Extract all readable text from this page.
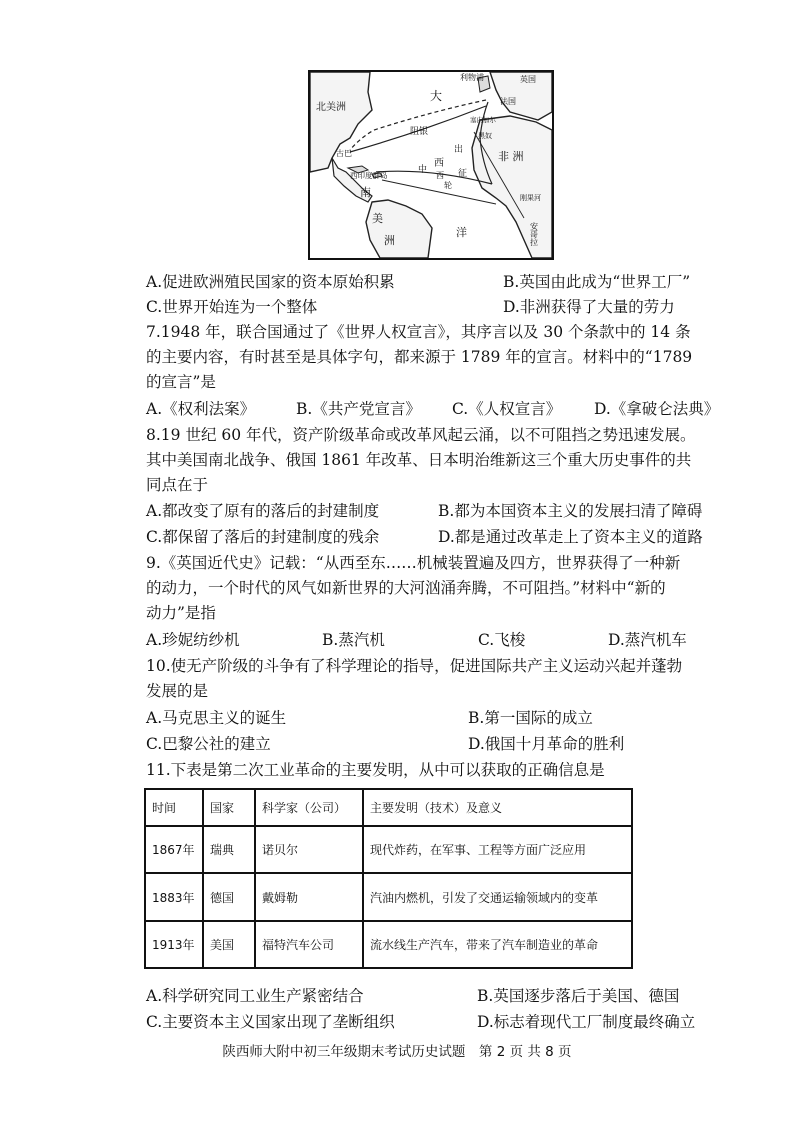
北美洲
大
利物浦	英国
法国
塞内加尔
黑奴
阻银
古巴
西印度群岛
西
中
出
征
西
轮
非 洲
南	刚果河
美
洲
洋	安哥拉
A.促进欧洲殖民国家的资本原始积累	B.英国由此成为“世界工厂”
C.世界开始连为一个整体	D.非洲获得了大量的劳力
7.1948 年，联合国通过了《世界人权宣言》，其序言以及 30 个条款中的 14 条
的主要内容，有时甚至是具体字句，都来源于 1789 年的宣言。材料中的“1789
的宣言”是
A.《权利法案》	B.《共产党宣言》 C.《人权宣言》 D.《拿破仑法典》
8.19 世纪 60 年代，资产阶级革命或改革风起云涌，以不可阻挡之势迅速发展。
其中美国南北战争、俄国 1861 年改革、日本明治维新这三个重大历史事件的共
同点在于
A.都改变了原有的落后的封建制度	B.都为本国资本主义的发展扫清了障碍
C.都保留了落后的封建制度的残余	D.都是通过改革走上了资本主义的道路
9.《英国近代史》记载：“从西至东……机械装置遍及四方，世界获得了一种新
的动力，一个时代的风气如新世界的大河汹涌奔腾，不可阻挡。”材料中“新的
动力”是指
A.珍妮纺纱机	B.蒸汽机	C.飞梭	D.蒸汽机车
10.使无产阶级的斗争有了科学理论的指导，促进国际共产主义运动兴起并蓬勃
发展的是
A.马克思主义的诞生	B.第一国际的成立
C.巴黎公社的建立	D.俄国十月革命的胜利
11.下表是第二次工业革命的主要发明，从中可以获取的正确信息是
时间	国家	科学家（公司）	主要发明（技术）及意义
1867年	瑞典	诺贝尔	现代炸药，在军事、工程等方面广泛应用
1883年	德国	戴姆勒	汽油内燃机，引发了交通运输领域内的变革
1913年	美国	福特汽车公司	流水线生产汽车，带来了汽车制造业的革命
A.科学研究同工业生产紧密结合	B.英国逐步落后于美国、德国
C.主要资本主义国家出现了垄断组织	D.标志着现代工厂制度最终确立
陕西师大附中初三年级期末考试历史试题　第 2 页 共 8 页
